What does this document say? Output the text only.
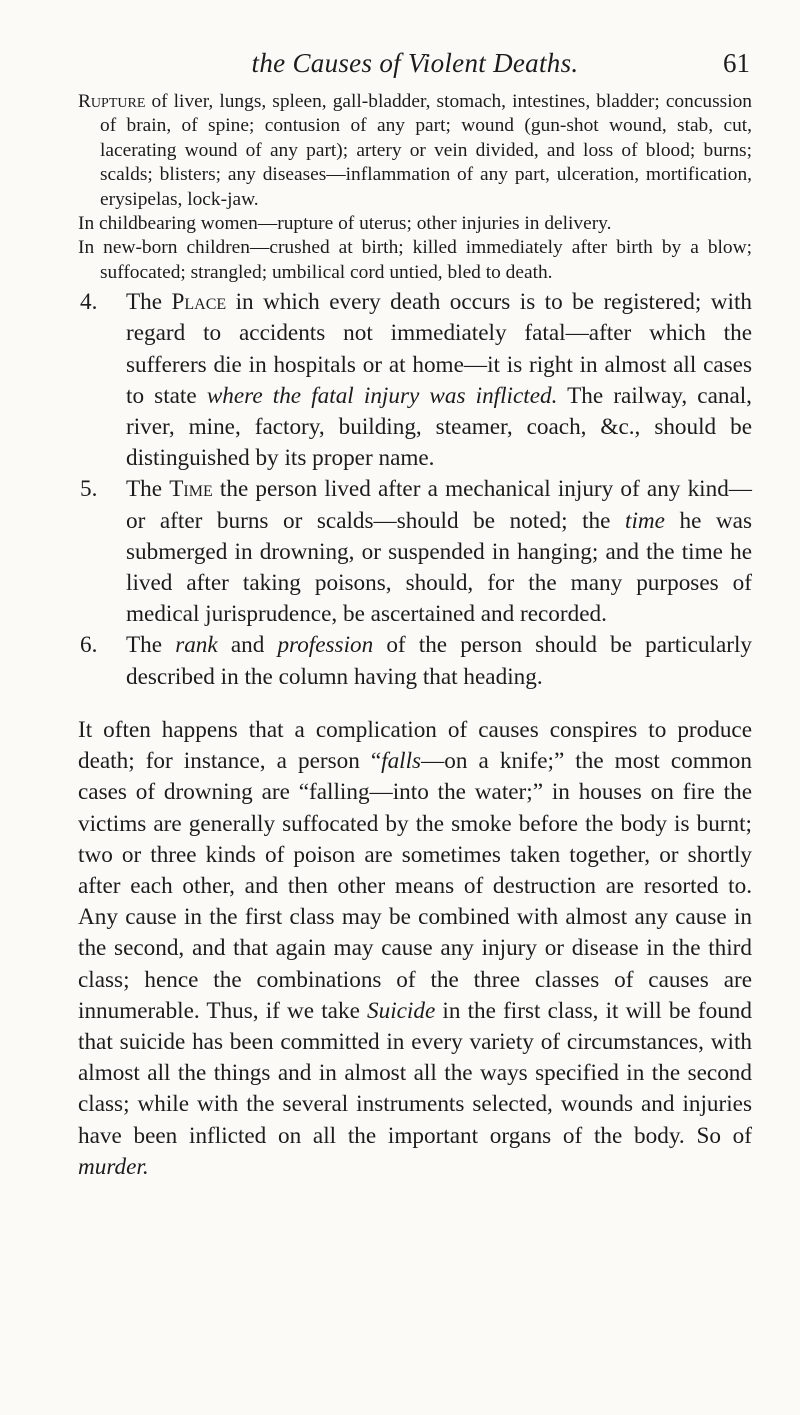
the Causes of Violent Deaths.	61

Rupture of liver, lungs, spleen, gall-bladder, stomach, intestines, bladder; concussion of brain, of spine; contusion of any part; wound (gun-shot wound, stab, cut, lacerating wound of any part); artery or vein divided, and loss of blood; burns; scalds; blisters; any diseases—inflammation of any part, ulceration, mortification, erysipelas, lock-jaw.

In childbearing women—rupture of uterus; other injuries in delivery.

In new-born children—crushed at birth; killed immediately after birth by a blow; suffocated; strangled; umbilical cord untied, bled to death.

4. The Place in which every death occurs is to be registered; with regard to accidents not immediately fatal—after which the sufferers die in hospitals or at home—it is right in almost all cases to state where the fatal injury was inflicted. The railway, canal, river, mine, factory, building, steamer, coach, &c., should be distinguished by its proper name.
5. The Time the person lived after a mechanical injury of any kind—or after burns or scalds—should be noted; the time he was submerged in drowning, or suspended in hanging; and the time he lived after taking poisons, should, for the many purposes of medical jurisprudence, be ascertained and recorded.
6. The rank and profession of the person should be particularly described in the column having that heading.

It often happens that a complication of causes conspires to produce death; for instance, a person “falls—on a knife;” the most common cases of drowning are “falling—into the water;” in houses on fire the victims are generally suffocated by the smoke before the body is burnt; two or three kinds of poison are sometimes taken together, or shortly after each other, and then other means of destruction are resorted to. Any cause in the first class may be combined with almost any cause in the second, and that again may cause any injury or disease in the third class; hence the combinations of the three classes of causes are innumerable. Thus, if we take Suicide in the first class, it will be found that suicide has been committed in every variety of circumstances, with almost all the things and in almost all the ways specified in the second class; while with the several instruments selected, wounds and injuries have been inflicted on all the important organs of the body. So of murder.
